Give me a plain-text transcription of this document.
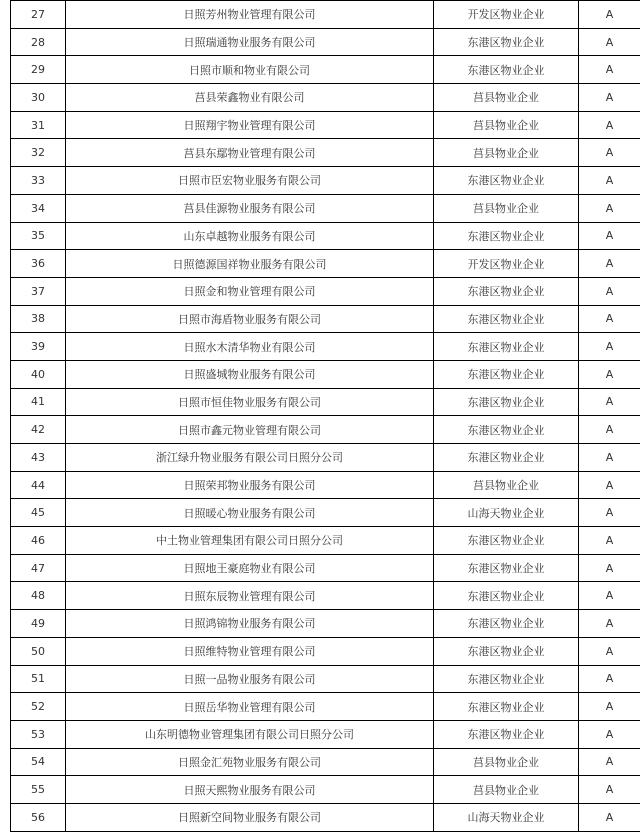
27	日照芳州物业管理有限公司	开发区物业企业	A
28	日照瑞通物业服务有限公司	东港区物业企业	A
29	日照市顺和物业有限公司	东港区物业企业	A
30	莒县荣鑫物业有限公司	莒县物业企业	A
31	日照翔宇物业管理有限公司	莒县物业企业	A
32	莒县东鄢物业管理有限公司	莒县物业企业	A
33	日照市臣宏物业服务有限公司	东港区物业企业	A
34	莒县佳源物业服务有限公司	莒县物业企业	A
35	山东卓越物业服务有限公司	东港区物业企业	A
36	日照德源国祥物业服务有限公司	开发区物业企业	A
37	日照金和物业管理有限公司	东港区物业企业	A
38	日照市海盾物业服务有限公司	东港区物业企业	A
39	日照水木清华物业有限公司	东港区物业企业	A
40	日照盛城物业服务有限公司	东港区物业企业	A
41	日照市恒佳物业服务有限公司	东港区物业企业	A
42	日照市鑫元物业管理有限公司	东港区物业企业	A
43	浙江绿升物业服务有限公司日照分公司	东港区物业企业	A
44	日照荣邦物业服务有限公司	莒县物业企业	A
45	日照暖心物业服务有限公司	山海天物业企业	A
46	中土物业管理集团有限公司日照分公司	东港区物业企业	A
47	日照地王豪庭物业有限公司	东港区物业企业	A
48	日照东辰物业管理有限公司	东港区物业企业	A
49	日照鸿锦物业服务有限公司	东港区物业企业	A
50	日照维特物业管理有限公司	东港区物业企业	A
51	日照一品物业服务有限公司	东港区物业企业	A
52	日照岳华物业管理有限公司	东港区物业企业	A
53	山东明德物业管理集团有限公司日照分公司	东港区物业企业	A
54	日照金汇苑物业服务有限公司	莒县物业企业	A
55	日照天熙物业服务有限公司	莒县物业企业	A
56	日照新空间物业服务有限公司	山海天物业企业	A
